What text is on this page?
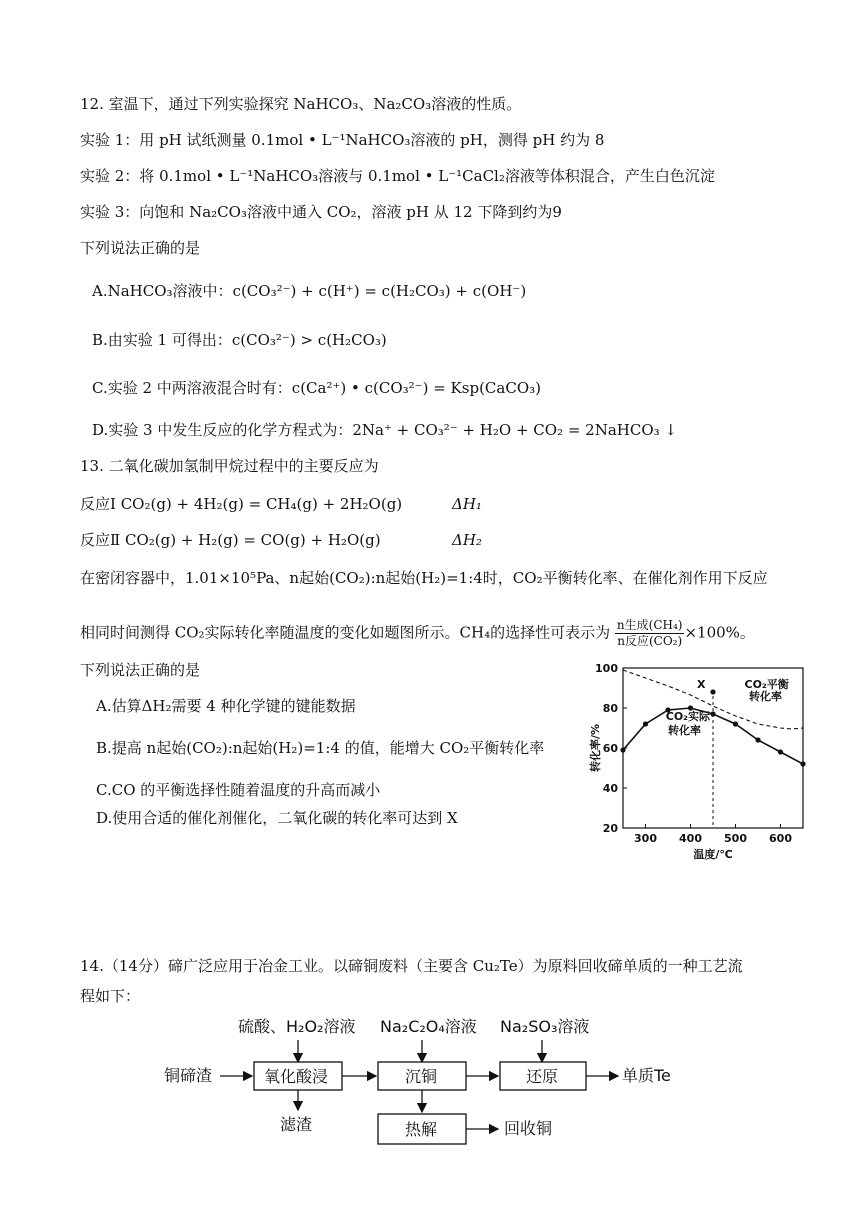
12. 室温下，通过下列实验探究 NaHCO₃、Na₂CO₃溶液的性质。
实验 1：用 pH 试纸测量 0.1mol • L⁻¹NaHCO₃溶液的 pH，测得 pH 约为 8
实验 2：将 0.1mol • L⁻¹NaHCO₃溶液与 0.1mol • L⁻¹CaCl₂溶液等体积混合，产生白色沉淀
实验 3：向饱和 Na₂CO₃溶液中通入 CO₂，溶液 pH 从 12 下降到约为9
下列说法正确的是
A.NaHCO₃溶液中：c(CO₃²⁻) + c(H⁺) = c(H₂CO₃) + c(OH⁻)
B.由实验 1 可得出：c(CO₃²⁻) > c(H₂CO₃)
C.实验 2 中两溶液混合时有：c(Ca²⁺) • c(CO₃²⁻) = Ksp(CaCO₃)
D.实验 3 中发生反应的化学方程式为：2Na⁺ + CO₃²⁻ + H₂O + CO₂ = 2NaHCO₃ ↓
13. 二氧化碳加氢制甲烷过程中的主要反应为
反应Ⅰ CO₂(g) + 4H₂(g) = CH₄(g) + 2H₂O(g)	ΔH₁
反应Ⅱ CO₂(g) + H₂(g) = CO(g) + H₂O(g)	ΔH₂
在密闭容器中，1.01×10⁵Pa、n起始(CO₂):n起始(H₂)=1:4时，CO₂平衡转化率、在催化剂作用下反应
相同时间测得 CO₂实际转化率随温度的变化如题图所示。CH₄的选择性可表示为 $\frac{\text{n生成(CH₄)}}{\text{n反应(CO₂)}} \times 100\%$。
下列说法正确的是
A.估算ΔH₂需要 4 种化学键的键能数据
B.提高 n起始(CO₂):n起始(H₂)=1:4 的值，能增大 CO₂平衡转化率
C.CO 的平衡选择性随着温度的升高而减小
D.使用合适的催化剂催化，二氧化碳的转化率可达到 X
300 400 500 600
20
40
60
80
100
温度/℃
转化率/%
X	CO₂平衡
转化率
CO₂实际
转化率
14.（14分）碲广泛应用于冶金工业。以碲铜废料（主要含 Cu₂Te）为原料回收碲单质的一种工艺流
程如下：
硫酸、H₂O₂溶液 Na₂C₂O₄溶液 Na₂SO₃溶液
铜碲渣	氧化酸浸	沉铜	还原	单质Te
滤渣	热解	回收铜
